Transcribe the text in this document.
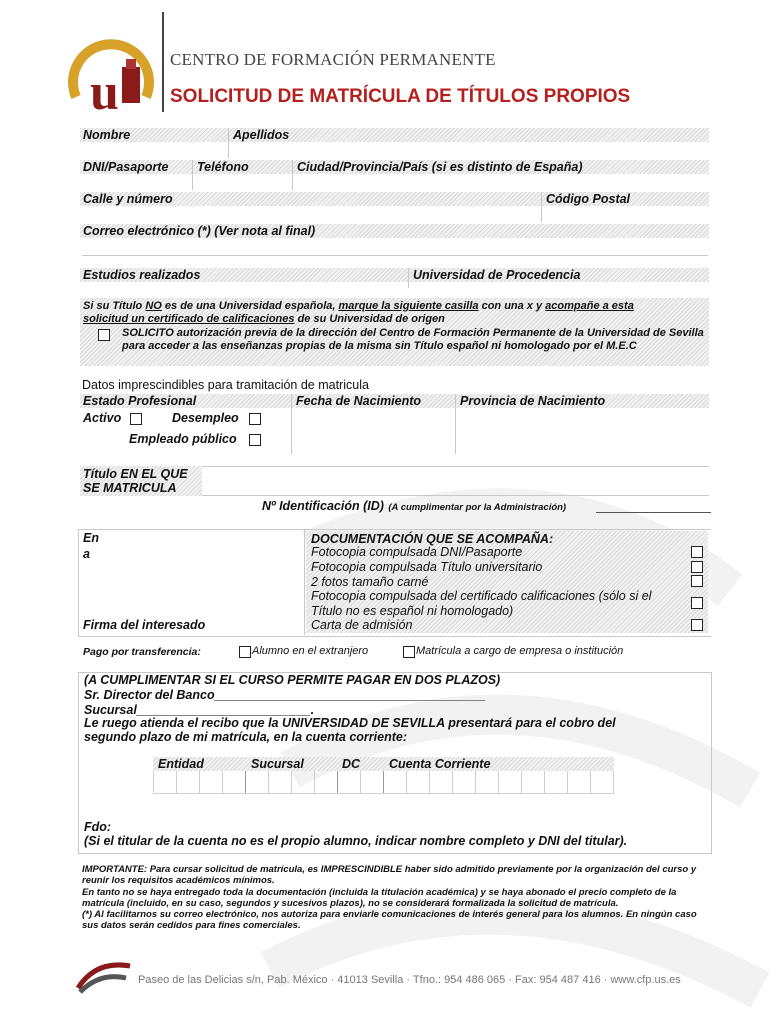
u
CENTRO DE FORMACIÓN PERMANENTE
SOLICITUD DE MATRÍCULA DE TÍTULOS PROPIOS
Nombre	Apellidos
DNI/Pasaporte Teléfono	Ciudad/Provincia/País (si es distinto de España)
Calle y número	Código Postal
Correo electrónico (*) (Ver nota al final)
Estudios realizados	Universidad de Procedencia
Si su Título NO es de una Universidad española, marque la siguiente casilla con una x y acompañe a esta
solicitud un certificado de calificaciones de su Universidad de origen
SOLICITO autorización previa de la dirección del Centro de Formación Permanente de la Universidad de Sevilla para acceder a las enseñanzas propias de la misma sin Título español ni homologado por el M.E.C
Datos imprescindibles para tramitación de matricula
Estado Profesional	Fecha de Nacimiento	Provincia de Nacimiento
Activo	Desempleo
Empleado público
Título EN EL QUE
SE MATRICULA
Nº Identificación (ID) (A cumplimentar por la Administración)
En
a
Firma del interesado
DOCUMENTACIÓN QUE SE ACOMPAÑA:
Fotocopia compulsada DNI/Pasaporte
Fotocopia compulsada Título universitario
2 fotos tamaño carné
Fotocopia compulsada del certificado calificaciones (sólo si el Título no es español ni homologado)
Carta de admisión
Pago por transferencia:	Alumno en el extranjero	Matrícula a cargo de empresa o institución
(A CUMPLIMENTAR SI EL CURSO PERMITE PAGAR EN DOS PLAZOS)
Sr. Director del Banco_______________________________________
Sucursal_________________________.
Le ruego atienda el recibo que la UNIVERSIDAD DE SEVILLA presentará para el cobro del
segundo plazo de mi matrícula, en la cuenta corriente:
Entidad	Sucursal	DC Cuenta Corriente
Fdo:
(Si el titular de la cuenta no es el propio alumno, indicar nombre completo y DNI del titular).
IMPORTANTE: Para cursar solicitud de matrícula, es IMPRESCINDIBLE haber sido admitido previamente por la organización del curso y reunir los requisitos académicos mínimos.
En tanto no se haya entregado toda la documentación (incluida la titulación académica) y se haya abonado el precio completo de la matrícula (incluido, en su caso, segundos y sucesivos plazos), no se considerará formalizada la solicitud de matrícula.
(*) Al facilitarnos su correo electrónico, nos autoriza para enviarle comunicaciones de interés general para los alumnos. En ningún caso sus datos serán cedidos para fines comerciales.
Paseo de las Delicias s/n, Pab. México · 41013 Sevilla · Tfno.: 954 486 065 · Fax: 954 487 416 · www.cfp.us.es
